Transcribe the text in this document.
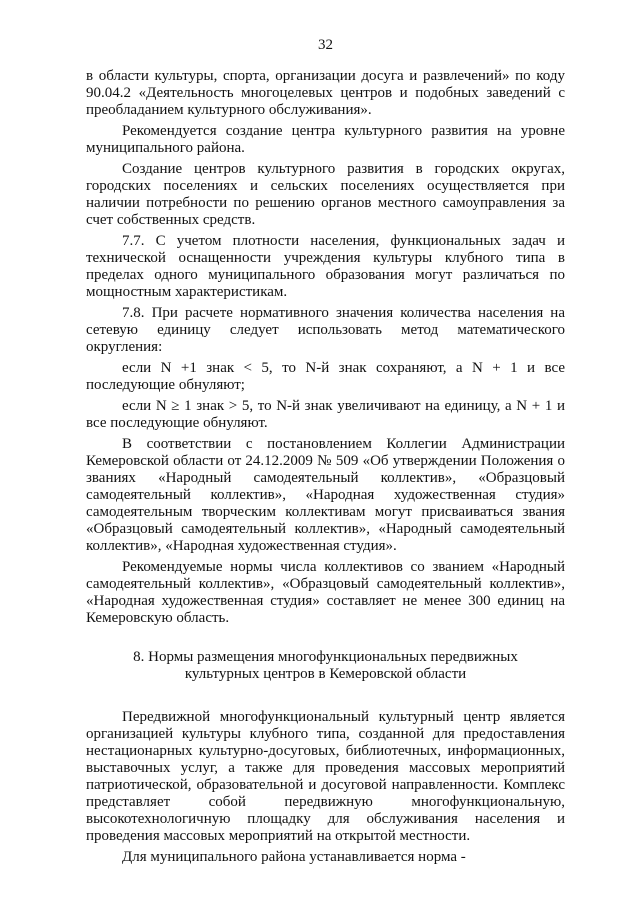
32

в области культуры, спорта, организации досуга и развлечений» по коду 90.04.2 «Деятельность многоцелевых центров и подобных заведений с преобладанием культурного обслуживания».

Рекомендуется создание центра культурного развития на уровне муниципального района.

Создание центров культурного развития в городских округах, городских поселениях и сельских поселениях осуществляется при наличии потребности по решению органов местного самоуправления за счет собственных средств.

7.7. С учетом плотности населения, функциональных задач и технической оснащенности учреждения культуры клубного типа в пределах одного муниципального образования могут различаться по мощностным характеристикам.

7.8. При расчете нормативного значения количества населения на сетевую единицу следует использовать метод математического округления:

если N +1 знак < 5, то N-й знак сохраняют, а N + 1 и все последующие обнуляют;

если N ≥ 1 знак > 5, то N-й знак увеличивают на единицу, а N + 1 и все последующие обнуляют.

В соответствии с постановлением Коллегии Администрации Кемеровской области от 24.12.2009 № 509 «Об утверждении Положения о званиях «Народный самодеятельный коллектив», «Образцовый самодеятельный коллектив», «Народная художественная студия» самодеятельным творческим коллективам могут присваиваться звания «Образцовый самодеятельный коллектив», «Народный самодеятельный коллектив», «Народная художественная студия».

Рекомендуемые нормы числа коллективов со званием «Народный самодеятельный коллектив», «Образцовый самодеятельный коллектив», «Народная художественная студия» составляет не менее 300 единиц на Кемеровскую область.

8. Нормы размещения многофункциональных передвижных
культурных центров в Кемеровской области

Передвижной многофункциональный культурный центр является организацией культуры клубного типа, созданной для предоставления нестационарных культурно-досуговых, библиотечных, информационных, выставочных услуг, а также для проведения массовых мероприятий патриотической, образовательной и досуговой направленности. Комплекс представляет собой передвижную многофункциональную, высокотехнологичную площадку для обслуживания населения и проведения массовых мероприятий на открытой местности.

Для муниципального района устанавливается норма -
